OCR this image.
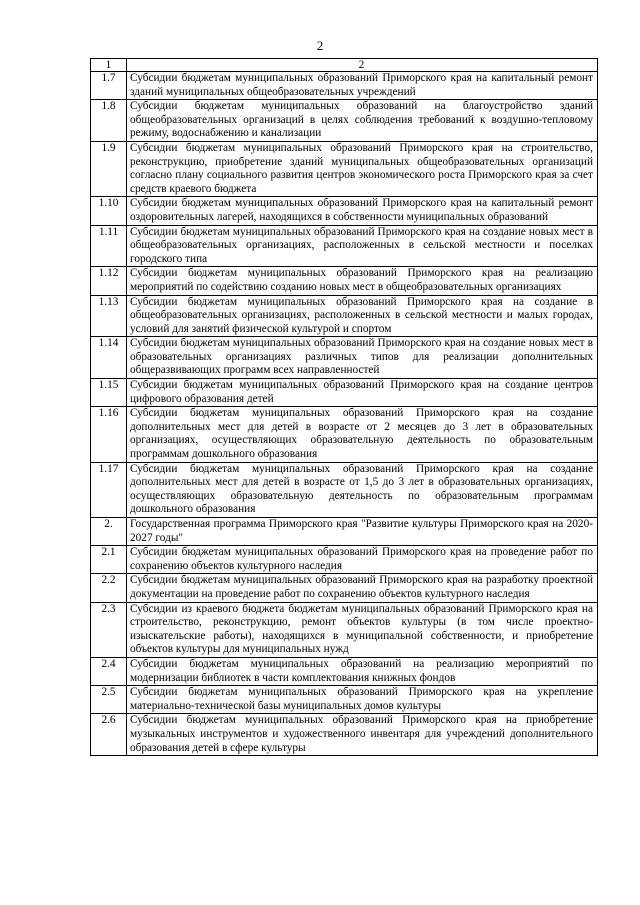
2
1	2
1.7	Субсидии бюджетам муниципальных образований Приморского края на капитальный ремонт зданий муниципальных общеобразовательных учреждений
1.8	Субсидии бюджетам муниципальных образований на благоустройство зданий общеобразовательных организаций в целях соблюдения требований к воздушно-тепловому режиму, водоснабжению и канализации
1.9	Субсидии бюджетам муниципальных образований Приморского края на строительство, реконструкцию, приобретение зданий муниципальных общеобразовательных организаций согласно плану социального развития центров экономического роста Приморского края за счет средств краевого бюджета
1.10	Субсидии бюджетам муниципальных образований Приморского края на капитальный ремонт оздоровительных лагерей, находящихся в собственности муниципальных образований
1.11	Субсидии бюджетам муниципальных образований Приморского края на создание новых мест в общеобразовательных организациях, расположенных в сельской местности и поселках городского типа
1.12	Субсидии бюджетам муниципальных образований Приморского края на реализацию мероприятий по содействию созданию новых мест в общеобразовательных организациях
1.13	Субсидии бюджетам муниципальных образований Приморского края на создание в общеобразовательных организациях, расположенных в сельской местности и малых городах, условий для занятий физической культурой и спортом
1.14	Субсидии бюджетам муниципальных образований Приморского края на создание новых мест в образовательных организациях различных типов для реализации дополнительных общеразвивающих программ всех направленностей
1.15	Субсидии бюджетам муниципальных образований Приморского края на создание центров цифрового образования детей
1.16	Субсидии бюджетам муниципальных образований Приморского края на создание дополнительных мест для детей в возрасте от 2 месяцев до 3 лет в образовательных организациях, осуществляющих образовательную деятельность по образовательным программам дошкольного образования
1.17	Субсидии бюджетам муниципальных образований Приморского края на создание дополнительных мест для детей в возрасте от 1,5 до 3 лет в образовательных организациях, осуществляющих образовательную деятельность по образовательным программам дошкольного образования
2.	Государственная программа Приморского края "Развитие культуры Приморского края на 2020-2027 годы"
2.1	Субсидии бюджетам муниципальных образований Приморского края на проведение работ по сохранению объектов культурного наследия
2.2	Субсидии бюджетам муниципальных образований Приморского края на разработку проектной документации на проведение работ по сохранению объектов культурного наследия
2.3	Субсидии из краевого бюджета бюджетам муниципальных образований Приморского края на строительство, реконструкцию, ремонт объектов культуры (в том числе проектно-изыскательские работы), находящихся в муниципальной собственности, и приобретение объектов культуры для муниципальных нужд
2.4	Субсидии бюджетам муниципальных образований на реализацию мероприятий по модернизации библиотек в части комплектования книжных фондов
2.5	Субсидии бюджетам муниципальных образований Приморского края на укрепление материально-технической базы муниципальных домов культуры
2.6	Субсидии бюджетам муниципальных образований Приморского края на приобретение музыкальных инструментов и художественного инвентаря для учреждений дополнительного образования детей в сфере культуры
